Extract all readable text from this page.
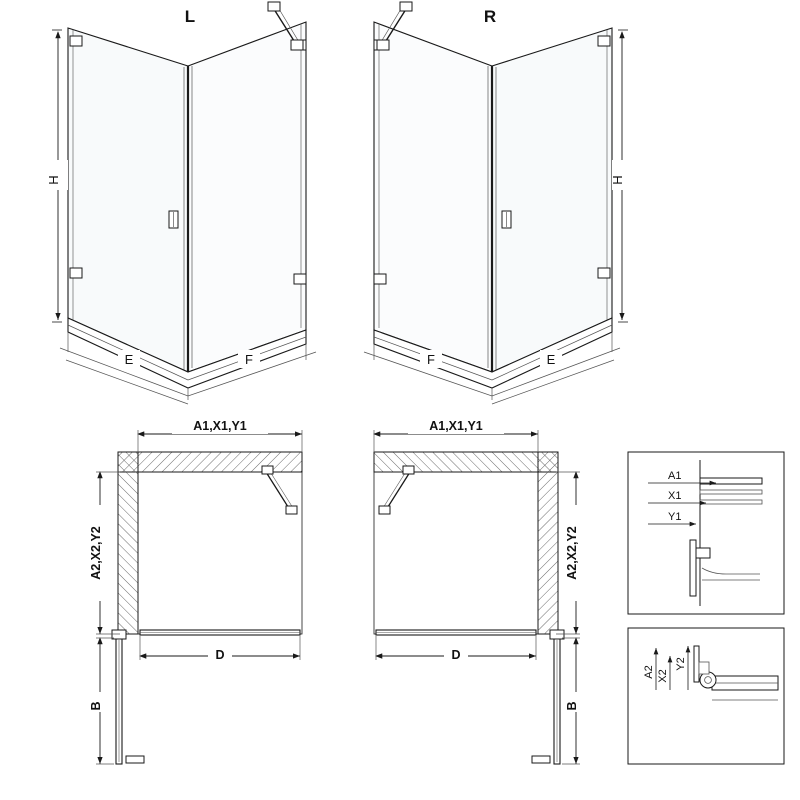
H
E	F
L
H
E
F
R
A1,X1,Y1
A2,X2,Y2
D
B
A1,X1,Y1
A2,X2,Y2
D
B
A1
X1
Y1
A2 X2
Y2
